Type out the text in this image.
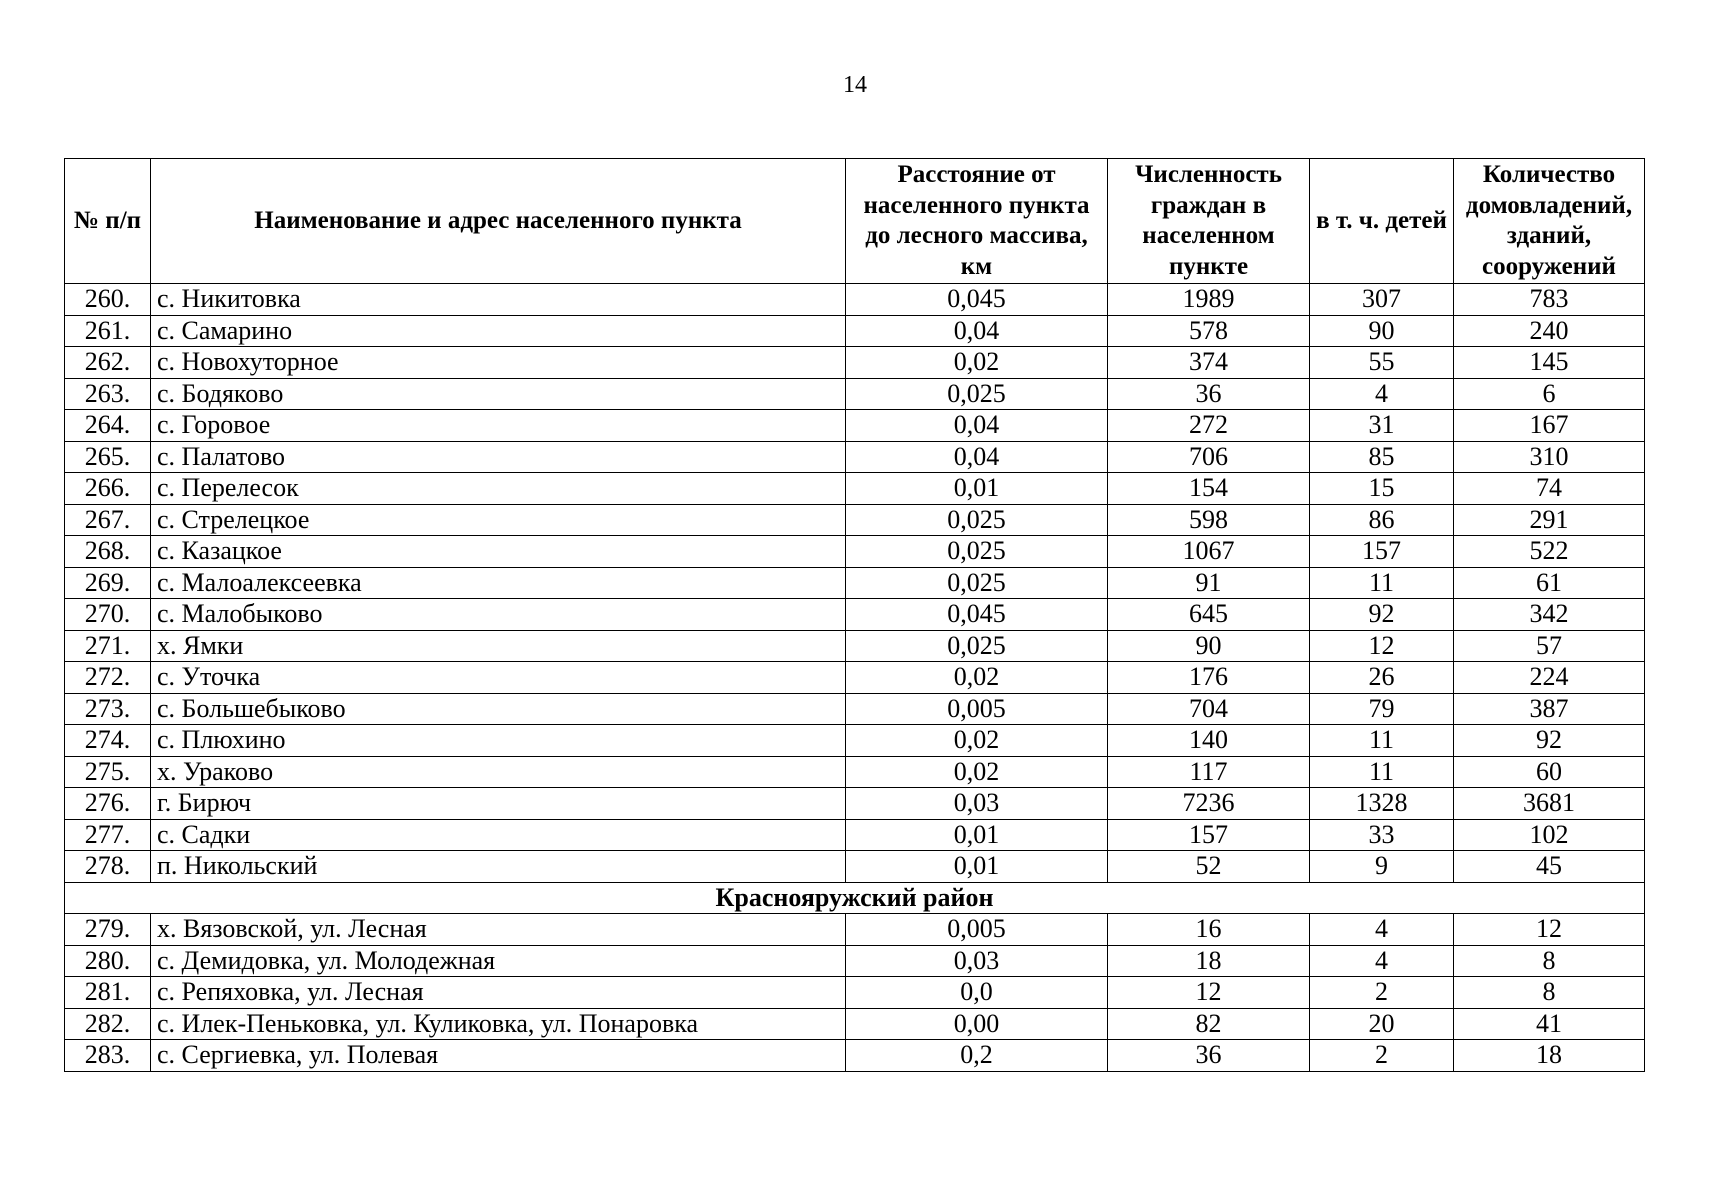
14
№ п/п	Наименование и адрес населенного пункта	Расстояние от населенного пункта до лесного массива, км	Численность граждан в населенном пункте	в т. ч. детей	Количество домовладений, зданий, сооружений
260.	с. Никитовка	0,045	1989	307	783
261.	с. Самарино	0,04	578	90	240
262.	с. Новохуторное	0,02	374	55	145
263.	с. Бодяково	0,025	36	4	6
264.	с. Горовое	0,04	272	31	167
265.	с. Палатово	0,04	706	85	310
266.	с. Перелесок	0,01	154	15	74
267.	с. Стрелецкое	0,025	598	86	291
268.	с. Казацкое	0,025	1067	157	522
269.	с. Малоалексеевка	0,025	91	11	61
270.	с. Малобыково	0,045	645	92	342
271.	х. Ямки	0,025	90	12	57
272.	с. Уточка	0,02	176	26	224
273.	с. Большебыково	0,005	704	79	387
274.	с. Плюхино	0,02	140	11	92
275.	х. Ураково	0,02	117	11	60
276.	г. Бирюч	0,03	7236	1328	3681
277.	с. Садки	0,01	157	33	102
278.	п. Никольский	0,01	52	9	45
Краснояружский район					
279.	х. Вязовской, ул. Лесная	0,005	16	4	12
280.	с. Демидовка, ул. Молодежная	0,03	18	4	8
281.	с. Репяховка, ул. Лесная	0,0	12	2	8
282.	с. Илек-Пеньковка, ул. Куликовка, ул. Понаровка	0,00	82	20	41
283.	с. Сергиевка, ул. Полевая	0,2	36	2	18
